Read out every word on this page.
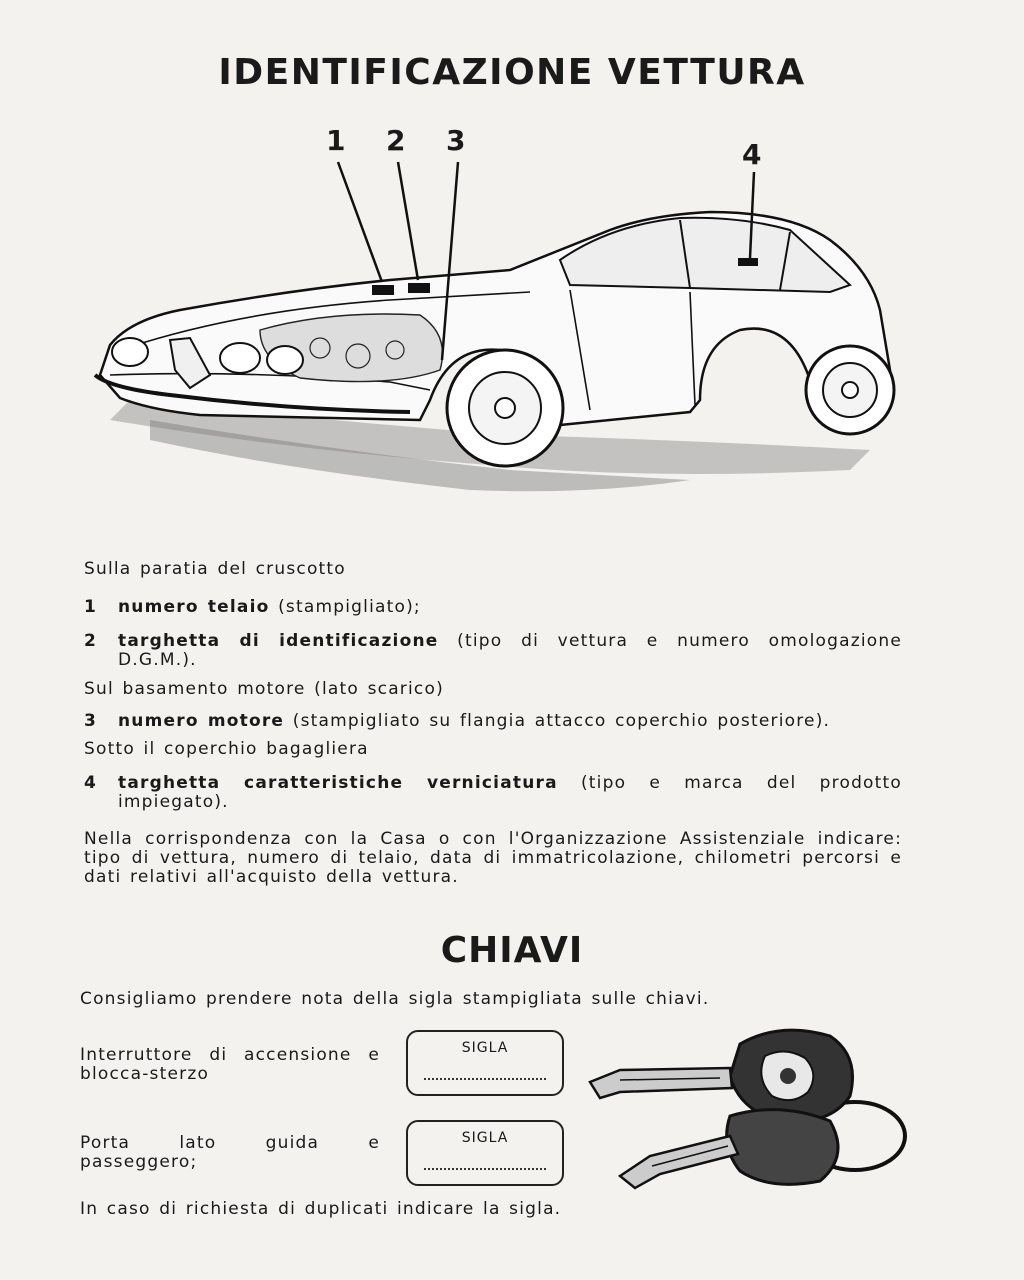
IDENTIFICAZIONE VETTURA
1 2 3	4
Sulla paratia del cruscotto
1	numero telaio (stampigliato);
2	targhetta di identificazione (tipo di vettura e numero omologazione D.G.M.).
Sul basamento motore (lato scarico)
3	numero motore (stampigliato su flangia attacco coperchio posteriore).
Sotto il coperchio bagagliera
4	targhetta caratteristiche verniciatura (tipo e marca del prodotto impiegato).
Nella corrispondenza con la Casa o con l'Organizzazione Assistenziale indicare: tipo di vettura, numero di telaio, data di immatricolazione, chilometri percorsi e dati relativi all'acquisto della vettura.
CHIAVI
Consigliamo prendere nota della sigla stampigliata sulle chiavi.
Interruttore di accensione e blocca-sterzo
SIGLA
Porta lato guida e passeggero;
SIGLA
In caso di richiesta di duplicati indicare la sigla.
